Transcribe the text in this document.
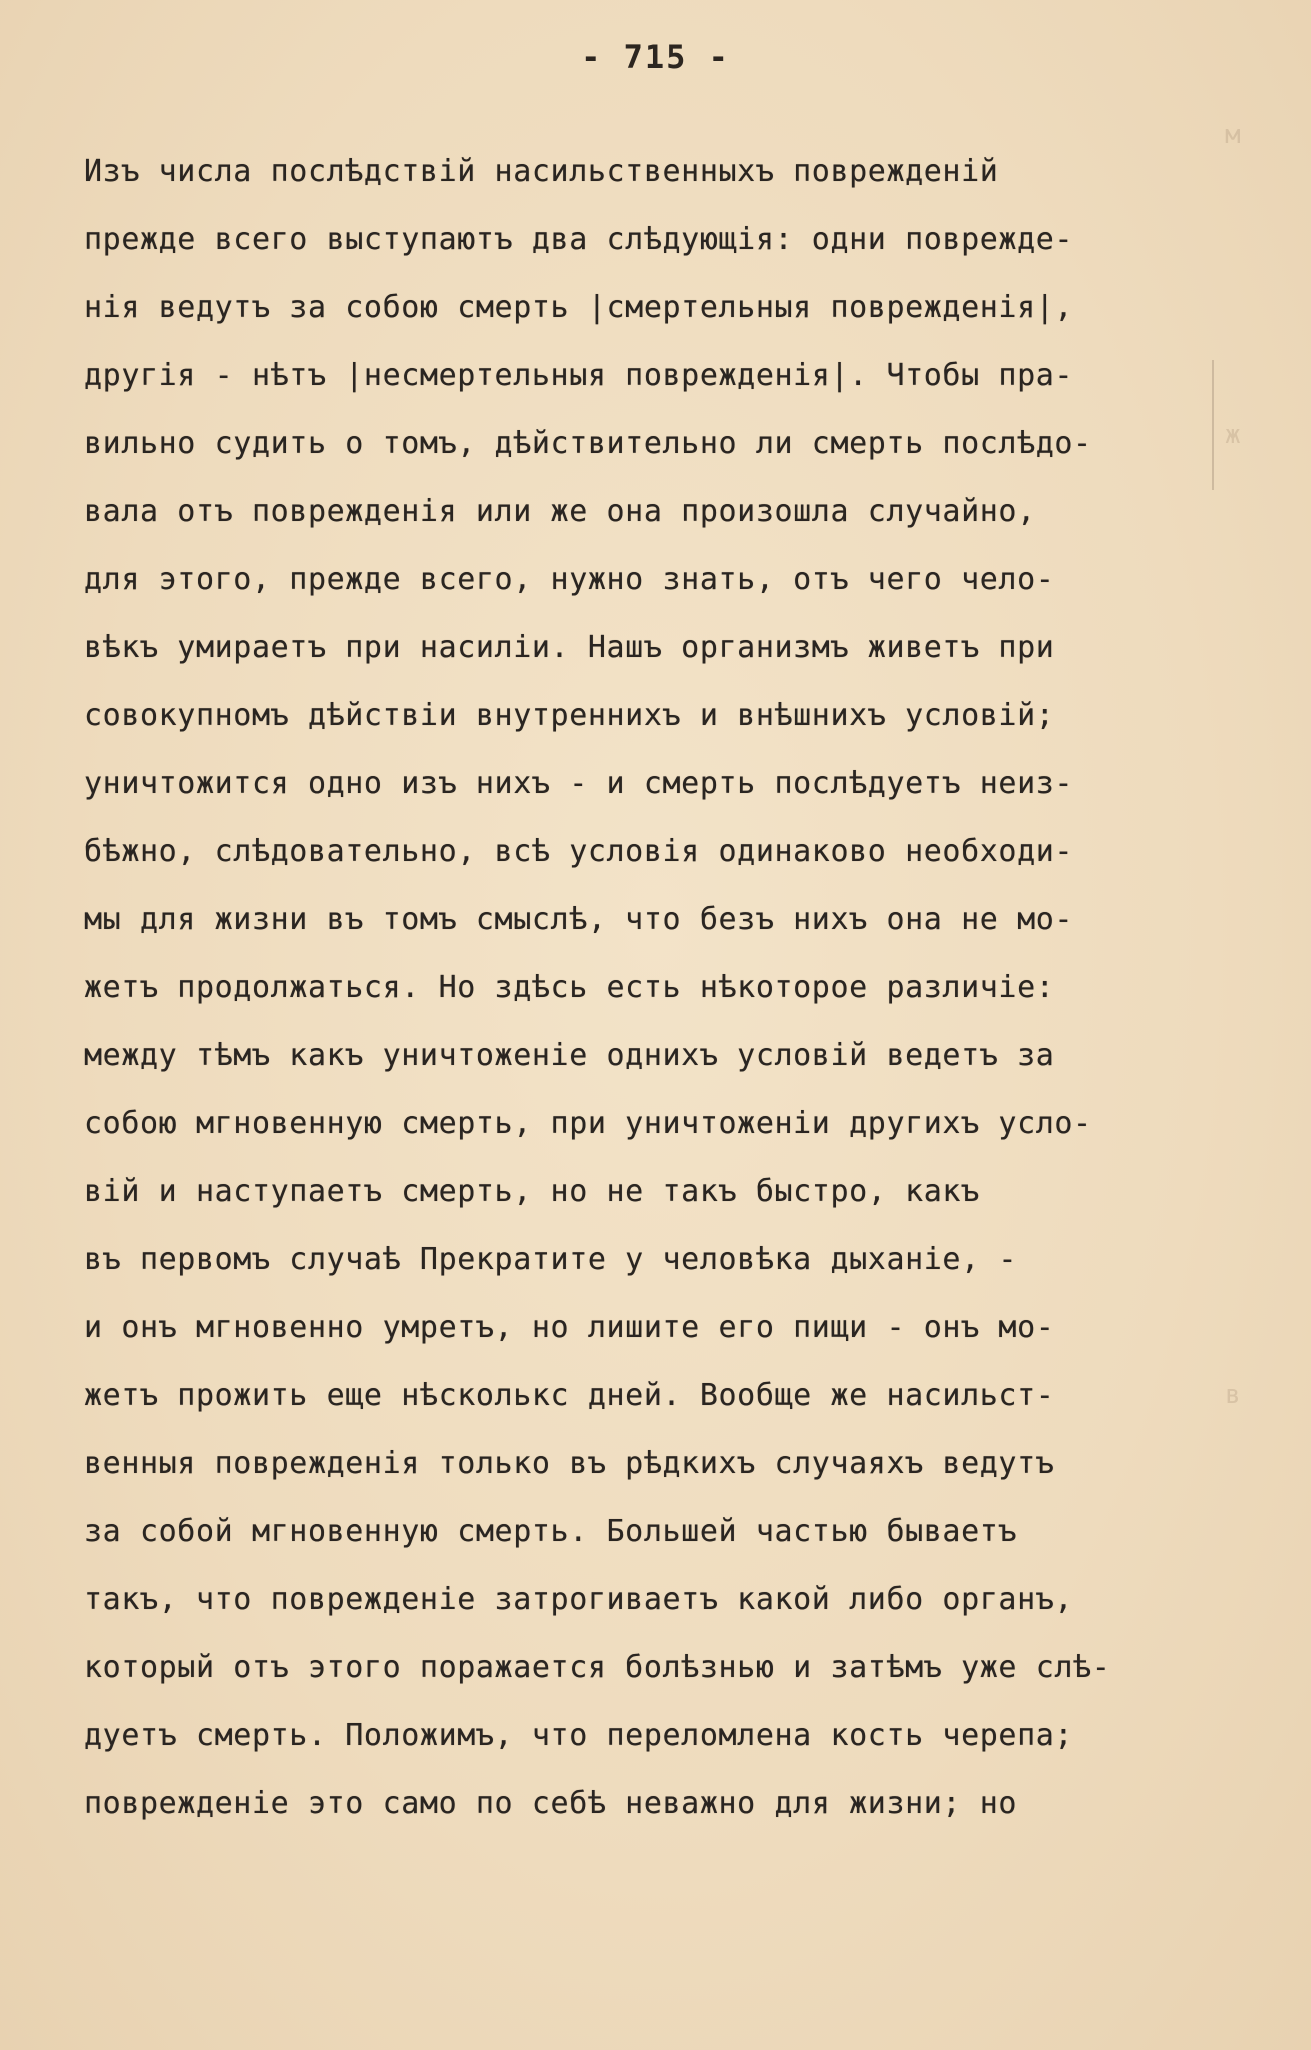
м
ж
в
- 715 -
Изъ числа послѣдствій насильственныхъ поврежденій
прежде всего выступаютъ два слѣдующія: одни поврежде-
нія ведутъ за собою смерть |смертельныя поврежденія|,
другія - нѣтъ |несмертельныя поврежденія|. Чтобы пра-
вильно судить о томъ, дѣйствительно ли смерть послѣдо-
вала отъ поврежденія или же она произошла случайно,
для этого, прежде всего, нужно знать, отъ чего чело-
вѣкъ умираетъ при насиліи. Нашъ организмъ живетъ при
совокупномъ дѣйствіи внутреннихъ и внѣшнихъ условій;
уничтожится одно изъ нихъ - и смерть послѣдуетъ неиз-
бѣжно, слѣдовательно, всѣ условія одинаково необходи-
мы для жизни въ томъ смыслѣ, что безъ нихъ она не мо-
жетъ продолжаться. Но здѣсь есть нѣкоторое различіе:
между тѣмъ какъ уничтоженіе однихъ условій ведетъ за
собою мгновенную смерть, при уничтоженіи другихъ усло-
вій и наступаетъ смерть, но не такъ быстро, какъ
въ первомъ случаѣ Прекратите у человѣка дыханіе, -
и онъ мгновенно умретъ, но лишите его пищи - онъ мо-
жетъ прожить еще нѣсколькс дней. Вообще же насильст-
венныя поврежденія только въ рѣдкихъ случаяхъ ведутъ
за собой мгновенную смерть. Большей частью бываетъ
такъ, что поврежденіе затрогиваетъ какой либо органъ,
который отъ этого поражается болѣзнью и затѣмъ уже слѣ-
дуетъ смерть. Положимъ, что переломлена кость черепа;
поврежденіе это само по себѣ неважно для жизни; но
